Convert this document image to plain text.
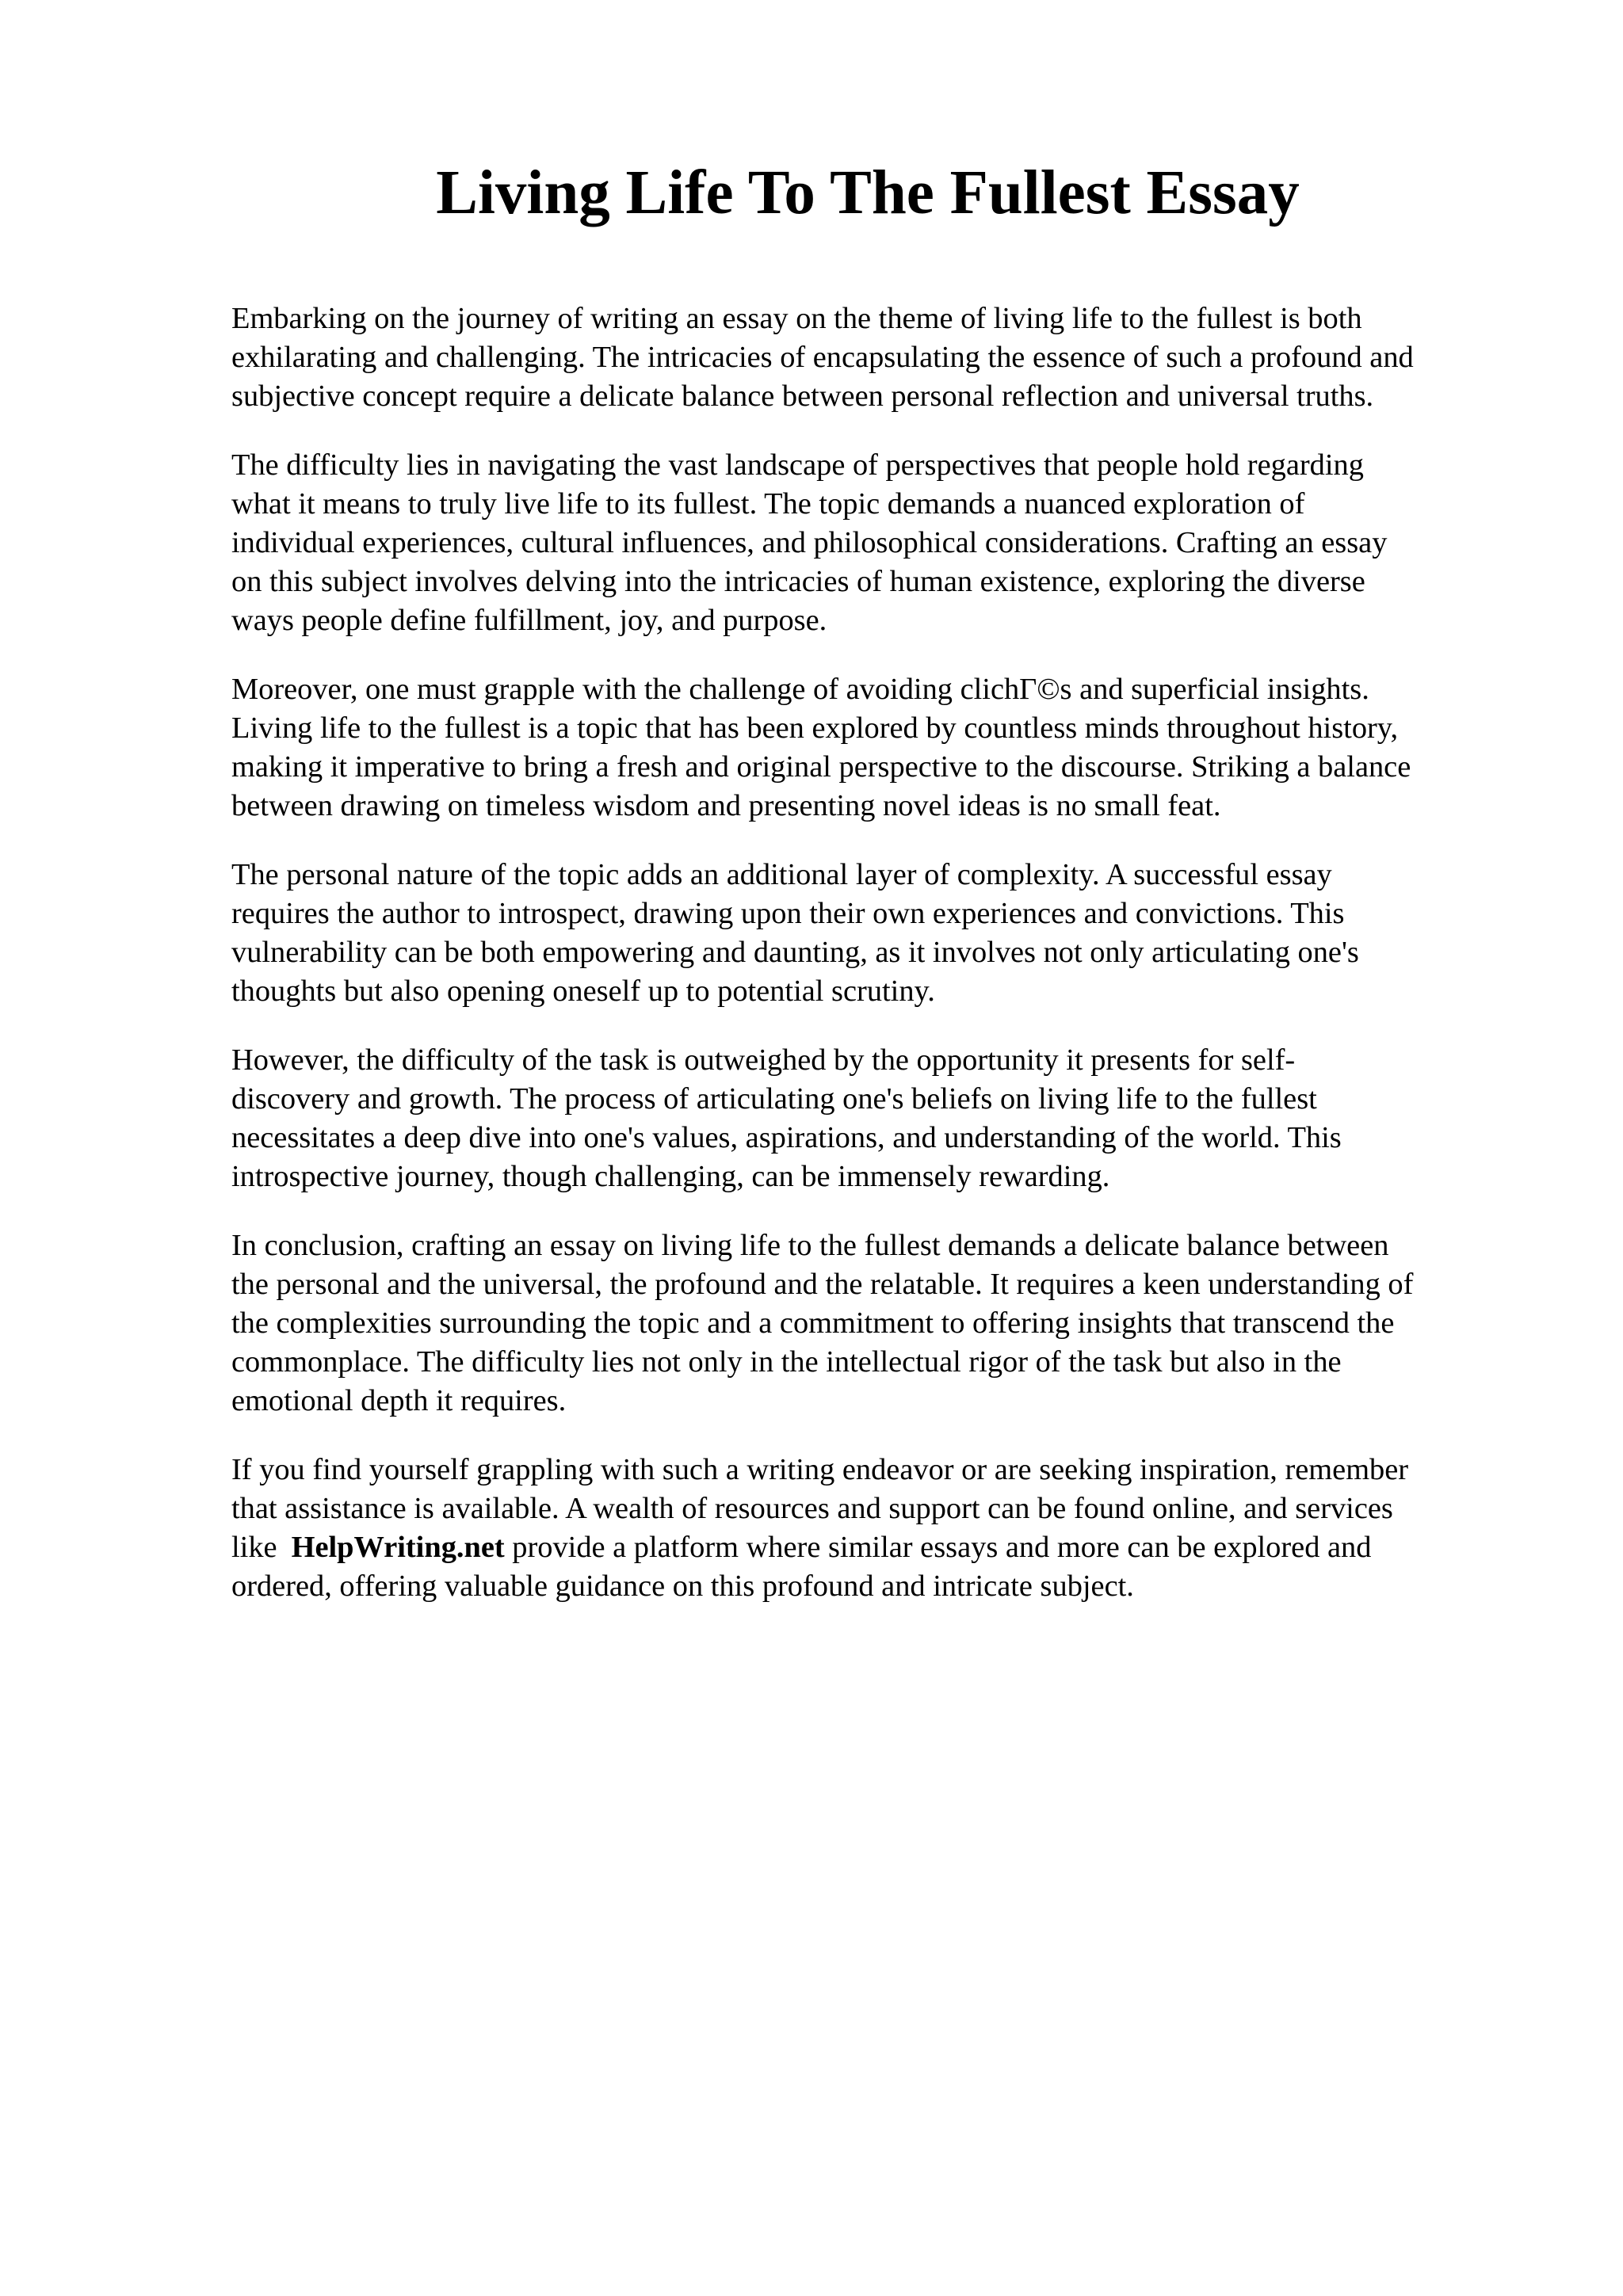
Living Life To The Fullest Essay

Embarking on the journey of writing an essay on the theme of living life to the fullest is both
exhilarating and challenging. The intricacies of encapsulating the essence of such a profound and
subjective concept require a delicate balance between personal reflection and universal truths.

The difficulty lies in navigating the vast landscape of perspectives that people hold regarding
what it means to truly live life to its fullest. The topic demands a nuanced exploration of
individual experiences, cultural influences, and philosophical considerations. Crafting an essay
on this subject involves delving into the intricacies of human existence, exploring the diverse
ways people define fulfillment, joy, and purpose.

Moreover, one must grapple with the challenge of avoiding clichΓ©s and superficial insights.
Living life to the fullest is a topic that has been explored by countless minds throughout history,
making it imperative to bring a fresh and original perspective to the discourse. Striking a balance
between drawing on timeless wisdom and presenting novel ideas is no small feat.

The personal nature of the topic adds an additional layer of complexity. A successful essay
requires the author to introspect, drawing upon their own experiences and convictions. This
vulnerability can be both empowering and daunting, as it involves not only articulating one's
thoughts but also opening oneself up to potential scrutiny.

However, the difficulty of the task is outweighed by the opportunity it presents for self-
discovery and growth. The process of articulating one's beliefs on living life to the fullest
necessitates a deep dive into one's values, aspirations, and understanding of the world. This
introspective journey, though challenging, can be immensely rewarding.

In conclusion, crafting an essay on living life to the fullest demands a delicate balance between
the personal and the universal, the profound and the relatable. It requires a keen understanding of
the complexities surrounding the topic and a commitment to offering insights that transcend the
commonplace. The difficulty lies not only in the intellectual rigor of the task but also in the
emotional depth it requires.

If you find yourself grappling with such a writing endeavor or are seeking inspiration, remember
that assistance is available. A wealth of resources and support can be found online, and services
like HelpWriting.net provide a platform where similar essays and more can be explored and
ordered, offering valuable guidance on this profound and intricate subject.
